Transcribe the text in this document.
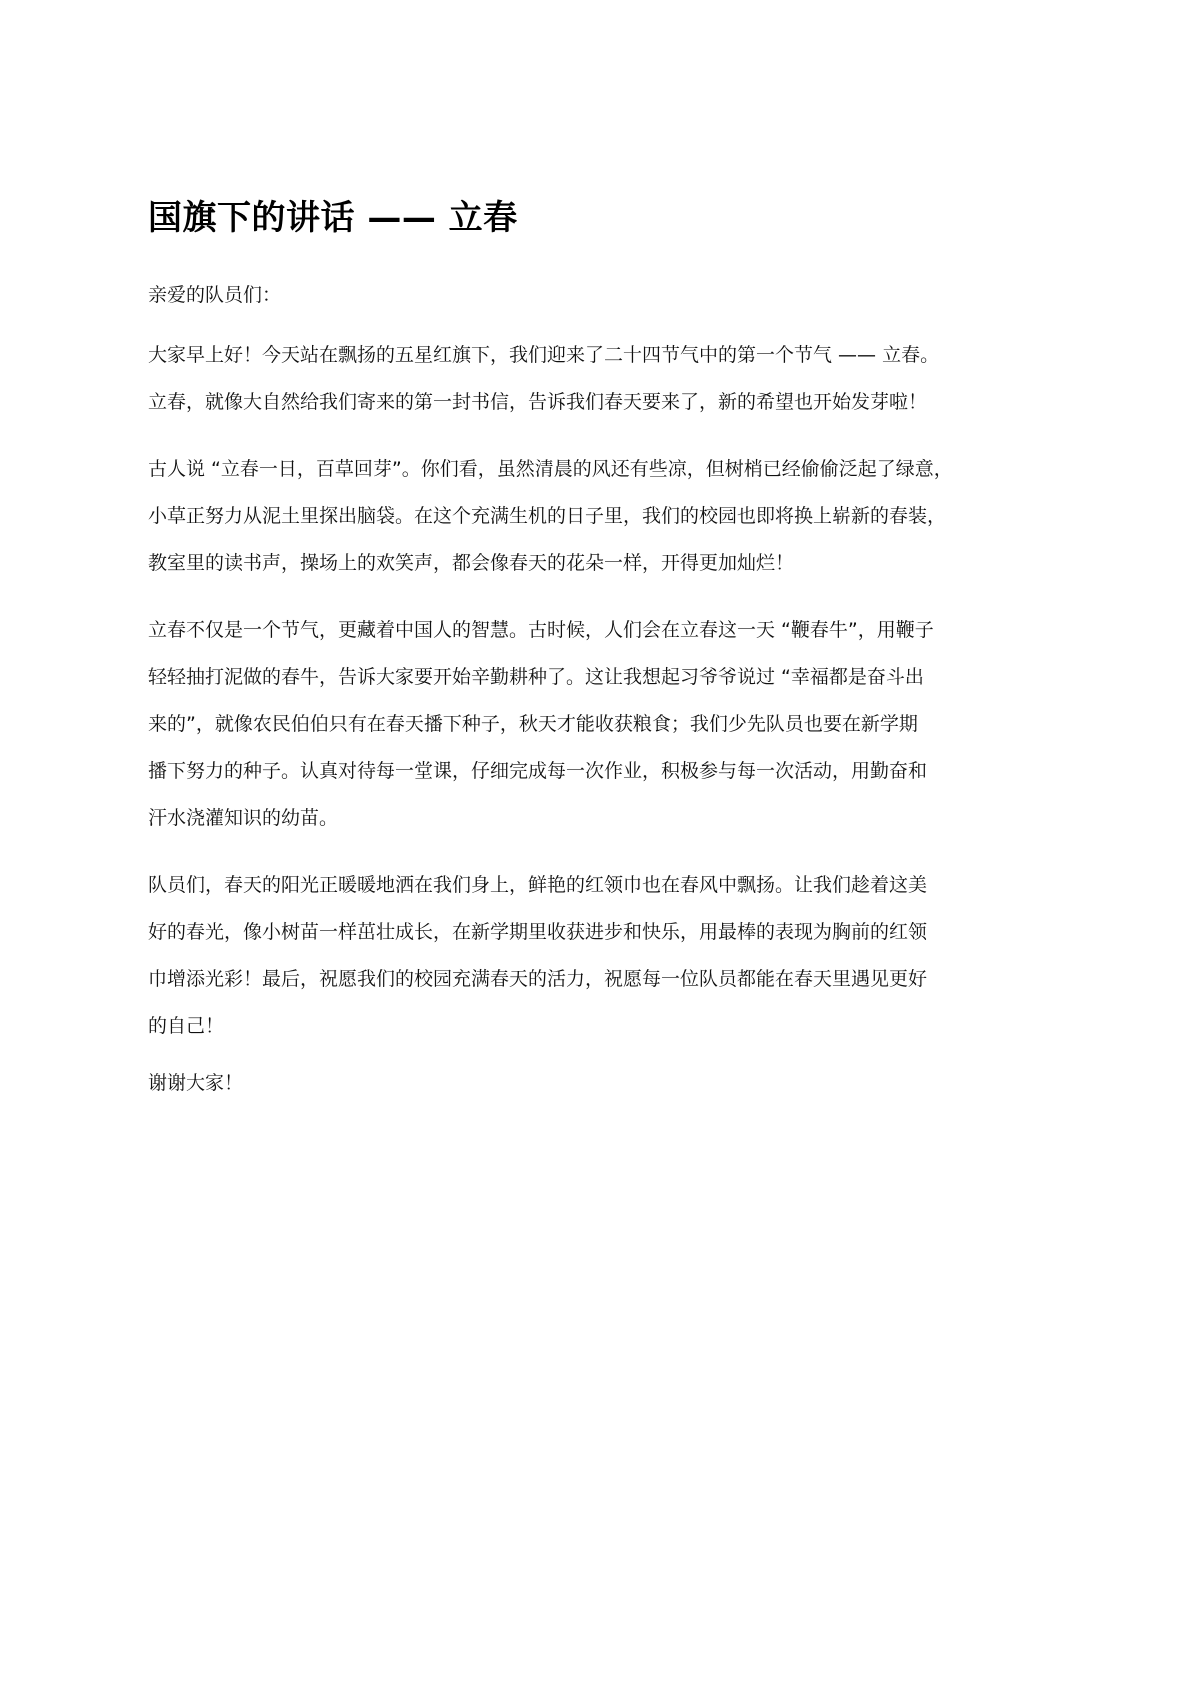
国旗下的讲话 —— 立春

亲爱的队员们：

大家早上好！今天站在飘扬的五星红旗下，我们迎来了二十四节气中的第一个节气 —— 立春。
立春，就像大自然给我们寄来的第一封书信，告诉我们春天要来了，新的希望也开始发芽啦！

古人说 “立春一日，百草回芽”。你们看，虽然清晨的风还有些凉，但树梢已经偷偷泛起了绿意，
小草正努力从泥土里探出脑袋。在这个充满生机的日子里，我们的校园也即将换上崭新的春装，
教室里的读书声，操场上的欢笑声，都会像春天的花朵一样，开得更加灿烂！

立春不仅是一个节气，更藏着中国人的智慧。古时候，人们会在立春这一天 “鞭春牛”，用鞭子
轻轻抽打泥做的春牛，告诉大家要开始辛勤耕种了。这让我想起习爷爷说过 “幸福都是奋斗出
来的”，就像农民伯伯只有在春天播下种子，秋天才能收获粮食；我们少先队员也要在新学期
播下努力的种子。认真对待每一堂课，仔细完成每一次作业，积极参与每一次活动，用勤奋和
汗水浇灌知识的幼苗。

队员们，春天的阳光正暖暖地洒在我们身上，鲜艳的红领巾也在春风中飘扬。让我们趁着这美
好的春光，像小树苗一样茁壮成长，在新学期里收获进步和快乐，用最棒的表现为胸前的红领
巾增添光彩！最后，祝愿我们的校园充满春天的活力，祝愿每一位队员都能在春天里遇见更好
的自己！

谢谢大家！
